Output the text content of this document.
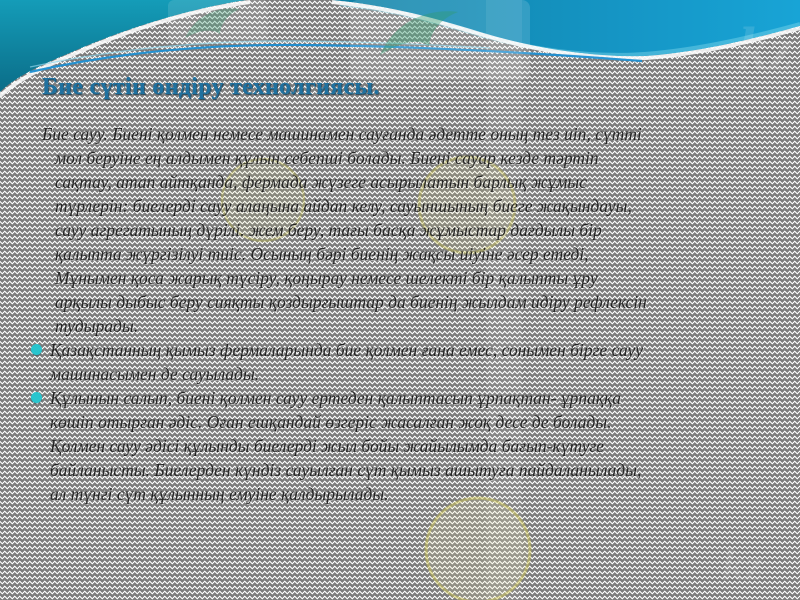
kz
kz
Бие сүтін өндіру технолгиясы.
Бие сауу. Биені қолмен немесе машинамен сауғанда әдетте оның тез иіп, сүтті
мол беруіне ең алдымен құлын себепші болады. Биені сауар кезде тәртіп
сақтау, атап айтқанда, фермада жүзеге асырылатын барлық жұмыс
түрлерін: биелерді сауу алаңына айдап келу, сауыншының биеге жақындауы,
сауу агрегатының дүрілі. жем беру, тағы басқа жұмыстар дағдылы бір
қалыпта жүргізілуі тиіс. Осының бәрі биенің жақсы иіуіне әсер етеді,
Мұнымен қоса жарық түсіру, қоңырау немесе шелекті бір қалыпты ұру
арқылы дыбыс беру сияқты қоздырғыштар да биенің жылдам идіру рефлексін
тудырады.
Қазақстанның қымыз фермаларында бие қолмен ғана емес, сонымен бірге сауу
машинасымен де сауылады.
Құлынын салып, биені қолмен сауу ертеден қалыптасып ұрпақтан- ұрпаққа
көшіп отырған әдіс. Оған ешқандай өзгеріс жасалған жоқ десе де болады.
Қолмен сауу әдісі құлынды биелерді жыл бойы жайылымда бағып-күтуге
байланысты. Биелерден күндіз сауылған сүт қымыз ашытуға пайдаланылады,
ал түнгі сүт құлынның емуіне қалдырылады.
